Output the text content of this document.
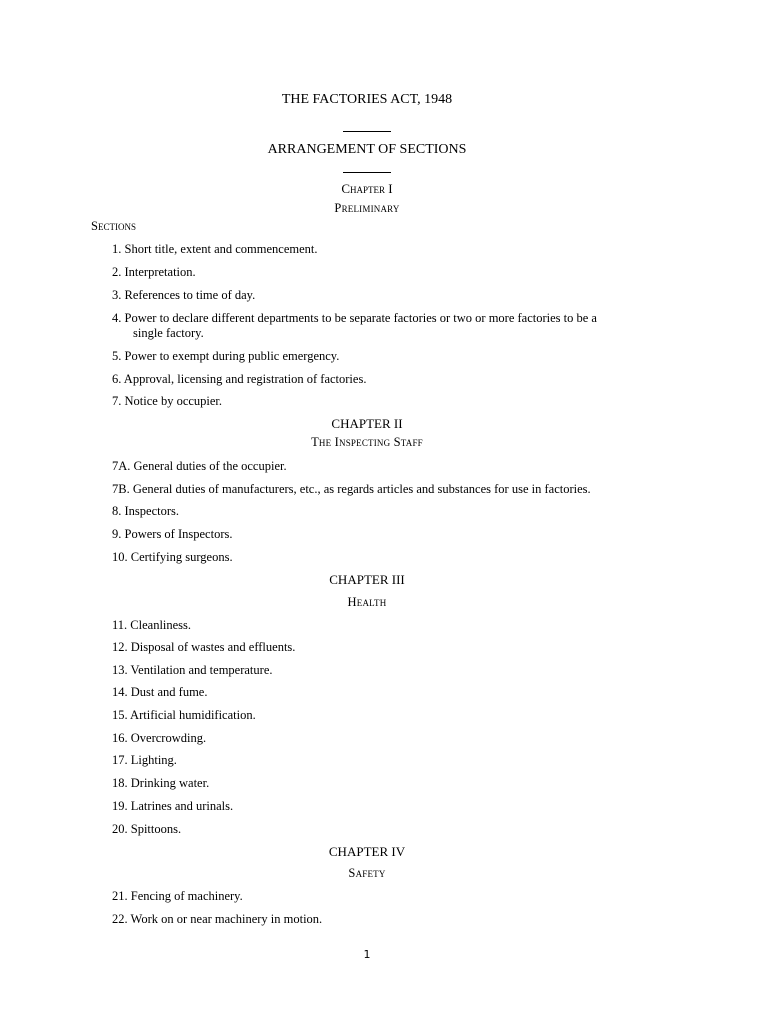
THE FACTORIES ACT, 1948
ARRANGEMENT OF SECTIONS
Chapter I
Preliminary
Sections
1. Short title, extent and commencement.
2. Interpretation.
3. References to time of day.
4. Power to declare different departments to be separate factories or two or more factories to be a
single factory.
5. Power to exempt during public emergency.
6. Approval, licensing and registration of factories.
7. Notice by occupier.
CHAPTER II
The Inspecting Staff
7A. General duties of the occupier.
7B. General duties of manufacturers, etc., as regards articles and substances for use in factories.
8. Inspectors.
9. Powers of Inspectors.
10. Certifying surgeons.
CHAPTER III
Health
11. Cleanliness.
12. Disposal of wastes and effluents.
13. Ventilation and temperature.
14. Dust and fume.
15. Artificial humidification.
16. Overcrowding.
17. Lighting.
18. Drinking water.
19. Latrines and urinals.
20. Spittoons.
CHAPTER IV
Safety
21. Fencing of machinery.
22. Work on or near machinery in motion.
1
